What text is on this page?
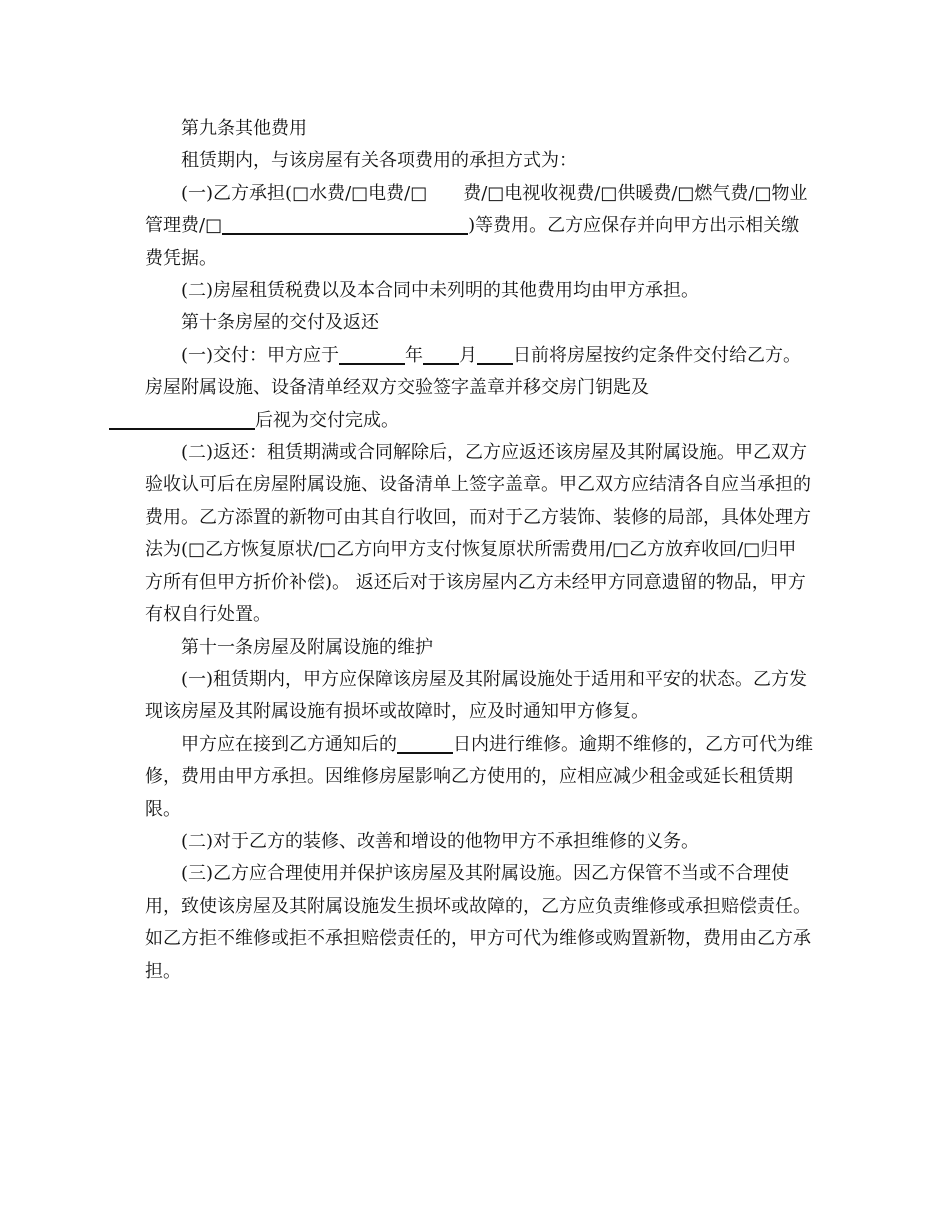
第九条其他费用

租赁期内，与该房屋有关各项费用的承担方式为：

(一)乙方承担(□水费/□电费/□ 费/□电视收视费/□供暖费/□燃气费/□物业管理费/□	)等费用。乙方应保存并向甲方出示相关缴费凭据。

(二)房屋租赁税费以及本合同中未列明的其他费用均由甲方承担。

第十条房屋的交付及返还

(一)交付：甲方应于	年 月 日前将房屋按约定条件交付给乙方。房屋附属设施、设备清单经双方交验签字盖章并移交房门钥匙及
后视为交付完成。

(二)返还：租赁期满或合同解除后，乙方应返还该房屋及其附属设施。甲乙双方验收认可后在房屋附属设施、设备清单上签字盖章。甲乙双方应结清各自应当承担的费用。乙方添置的新物可由其自行收回，而对于乙方装饰、装修的局部，具体处理方法为(□乙方恢复原状/□乙方向甲方支付恢复原状所需费用/□乙方放弃收回/□归甲方所有但甲方折价补偿)。 返还后对于该房屋内乙方未经甲方同意遗留的物品，甲方有权自行处置。

第十一条房屋及附属设施的维护

(一)租赁期内，甲方应保障该房屋及其附属设施处于适用和平安的状态。乙方发现该房屋及其附属设施有损坏或故障时，应及时通知甲方修复。

甲方应在接到乙方通知后的	日内进行维修。逾期不维修的，乙方可代为维修，费用由甲方承担。因维修房屋影响乙方使用的，应相应减少租金或延长租赁期限。

(二)对于乙方的装修、改善和增设的他物甲方不承担维修的义务。

(三)乙方应合理使用并保护该房屋及其附属设施。因乙方保管不当或不合理使用，致使该房屋及其附属设施发生损坏或故障的，乙方应负责维修或承担赔偿责任。如乙方拒不维修或拒不承担赔偿责任的，甲方可代为维修或购置新物，费用由乙方承担。
